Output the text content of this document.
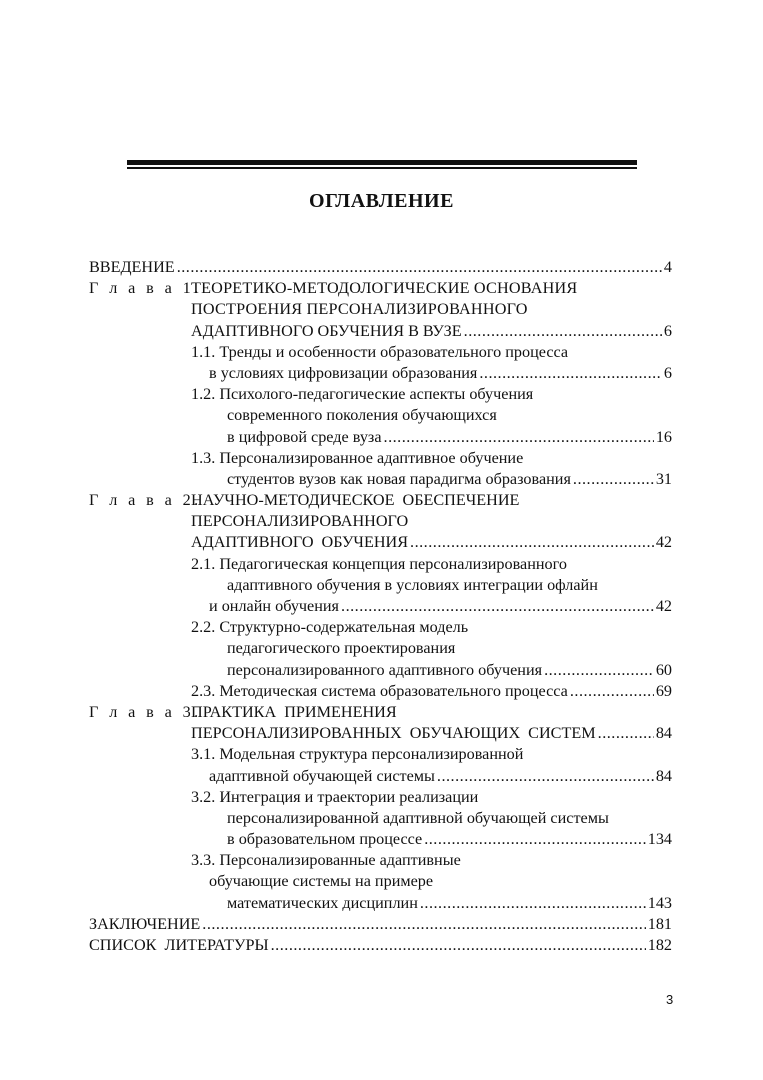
ОГЛАВЛЕНИЕ
ВВЕДЕНИЕ .....	4
Г л а в а 1.
ТЕОРЕТИКО-МЕТОДОЛОГИЧЕСКИЕ ОСНОВАНИЯ
ПОСТРОЕНИЯ ПЕРСОНАЛИЗИРОВАННОГО
АДАПТИВНОГО ОБУЧЕНИЯ В ВУЗЕ .....	6
1.1. Тренды и особенности образовательного процесса
в условиях цифровизации образования .....	6
1.2. Психолого-педагогические аспекты обучения
современного поколения обучающихся
в цифровой среде вуза .....	16
1.3. Персонализированное адаптивное обучение
студентов вузов как новая парадигма образования .....	31
Г л а в а 2.
НАУЧНО-МЕТОДИЧЕСКОЕ ОБЕСПЕЧЕНИЕ
ПЕРСОНАЛИЗИРОВАННОГО
АДАПТИВНОГО ОБУЧЕНИЯ .....	42
2.1. Педагогическая концепция персонализированного
адаптивного обучения в условиях интеграции офлайн
и онлайн обучения .....	42
2.2. Структурно-содержательная модель
педагогического проектирования
персонализированного адаптивного обучения .....	60
2.3. Методическая система образовательного процесса .....	69
Г л а в а 3.
ПРАКТИКА ПРИМЕНЕНИЯ
ПЕРСОНАЛИЗИРОВАННЫХ ОБУЧАЮЩИХ СИСТЕМ .....	84
3.1. Модельная структура персонализированной
адаптивной обучающей системы .....	84
3.2. Интеграция и траектории реализации
персонализированной адаптивной обучающей системы
в образовательном процессе .....	134
3.3. Персонализированные адаптивные
обучающие системы на примере
математических дисциплин .....	143
ЗАКЛЮЧЕНИЕ .....	181
СПИСОК ЛИТЕРАТУРЫ .....	182
3
